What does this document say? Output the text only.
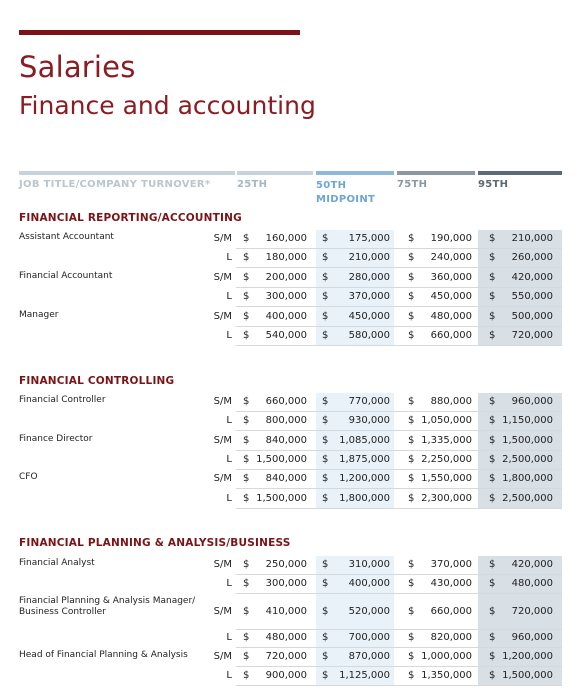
Salaries
Finance and accounting
JOB TITLE/COMPANY TURNOVER*	25TH	50TH
MIDPOINT
75TH	95TH
FINANCIAL REPORTING/ACCOUNTING
Assistant Accountant	S/M $ 160,000 $ 175,000 $ 190,000 $ 210,000
L $ 180,000 $ 210,000 $ 240,000 $ 260,000
Financial Accountant	S/M $ 200,000 $ 280,000 $ 360,000 $ 420,000
L $ 300,000 $ 370,000 $ 450,000 $ 550,000
Manager	S/M $ 400,000 $ 450,000 $ 480,000 $ 500,000
L $ 540,000 $ 580,000 $ 660,000 $ 720,000
FINANCIAL CONTROLLING
Financial Controller	S/M $ 660,000 $ 770,000 $ 880,000 $ 960,000
L $ 800,000 $ 930,000 $ 1,050,000 $ 1,150,000
Finance Director	S/M $ 840,000 $ 1,085,000 $ 1,335,000 $ 1,500,000
L $ 1,500,000 $ 1,875,000 $ 2,250,000 $ 2,500,000
CFO	S/M $ 840,000 $ 1,200,000 $ 1,550,000 $ 1,800,000
L $ 1,500,000 $ 1,800,000 $ 2,300,000 $ 2,500,000
FINANCIAL PLANNING & ANALYSIS/BUSINESS
Financial Analyst	S/M $ 250,000 $ 310,000 $ 370,000 $ 420,000
L $ 300,000 $ 400,000 $ 430,000 $ 480,000
Financial Planning & Analysis Manager/ Business Controller	S/M $ 410,000 $ 520,000 $ 660,000 $ 720,000
L $ 480,000 $ 700,000 $ 820,000 $ 960,000
Head of Financial Planning & Analysis	S/M $ 720,000 $ 870,000 $ 1,000,000 $ 1,200,000
L $ 900,000 $ 1,125,000 $ 1,350,000 $ 1,500,000
